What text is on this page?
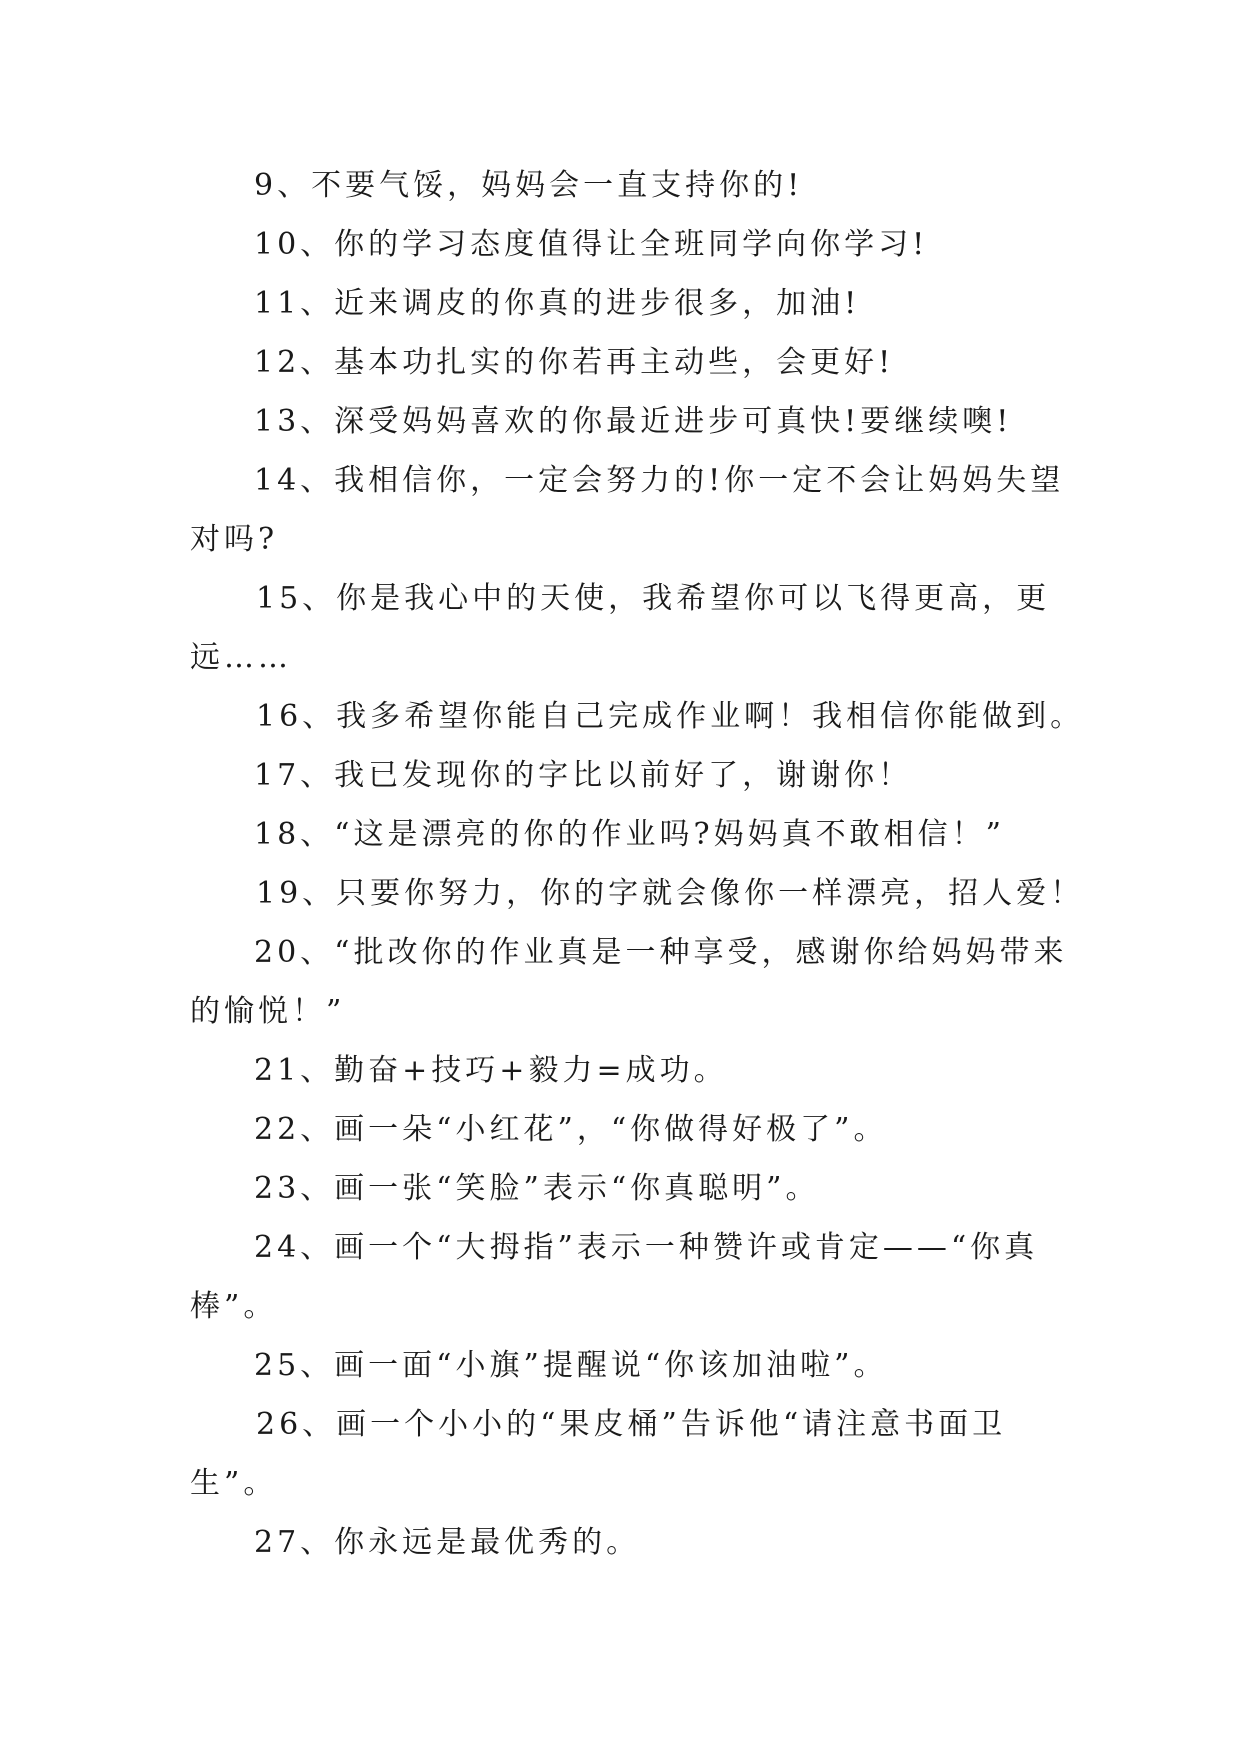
9、不要气馁，妈妈会一直支持你的!
10、你的学习态度值得让全班同学向你学习!
11、近来调皮的你真的进步很多，加油!
12、基本功扎实的你若再主动些，会更好!
13、深受妈妈喜欢的你最近进步可真快!要继续噢!
14、我相信你，一定会努力的!你一定不会让妈妈失望
对吗?
15、你是我心中的天使，我希望你可以飞得更高，更
远……
16、我多希望你能自己完成作业啊！我相信你能做到。
17、我已发现你的字比以前好了，谢谢你！
18、“这是漂亮的你的作业吗?妈妈真不敢相信！”
19、只要你努力，你的字就会像你一样漂亮，招人爱！
20、“批改你的作业真是一种享受，感谢你给妈妈带来
的愉悦！”
21、勤奋+技巧+毅力=成功。
22、画一朵“小红花”，“你做得好极了”。
23、画一张“笑脸”表示“你真聪明”。
24、画一个“大拇指”表示一种赞许或肯定——“你真
棒”。
25、画一面“小旗”提醒说“你该加油啦”。
26、画一个小小的“果皮桶”告诉他“请注意书面卫
生”。
27、你永远是最优秀的。
